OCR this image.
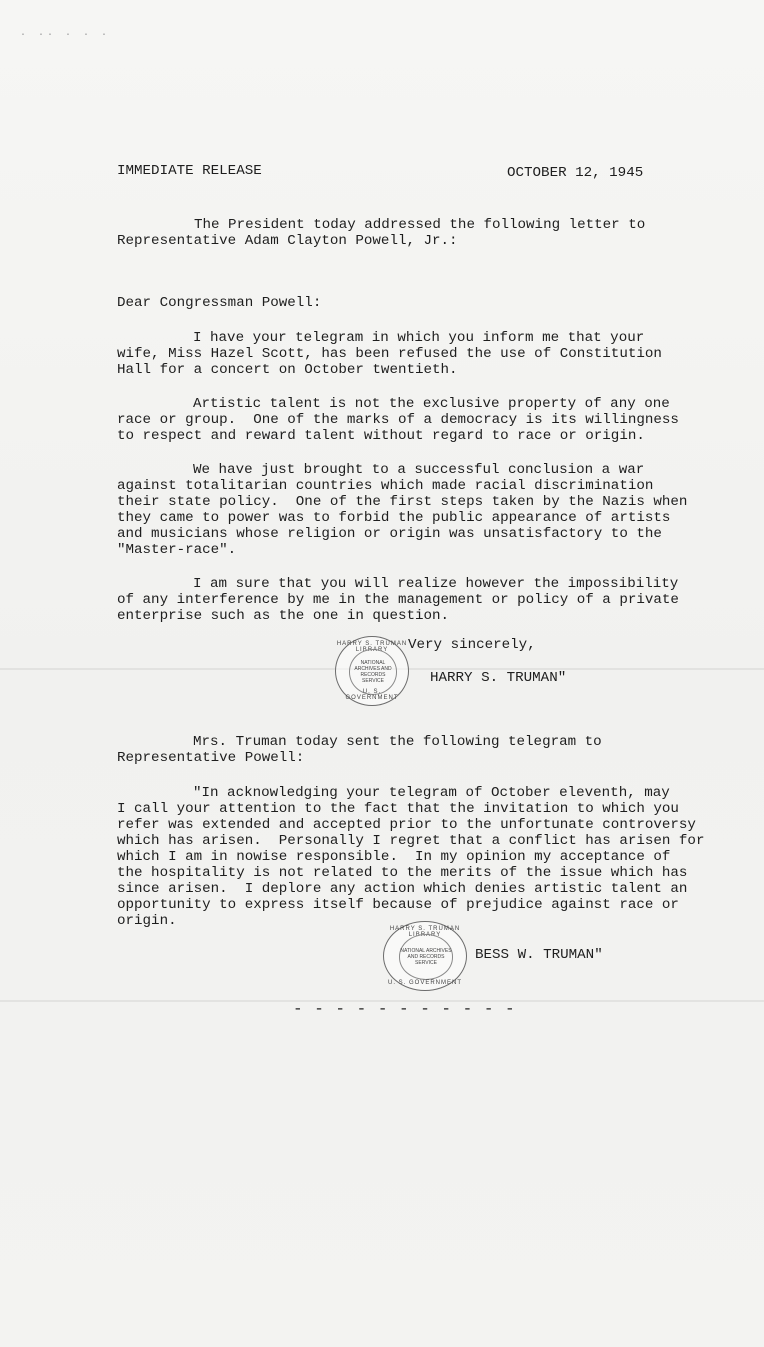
· ·· · · ·
IMMEDIATE RELEASE	OCTOBER 12, 1945
The President today addressed the following letter to
Representative Adam Clayton Powell, Jr.:
Dear Congressman Powell:
I have your telegram in which you inform me that your
wife, Miss Hazel Scott, has been refused the use of Constitution
Hall for a concert on October twentieth.
Artistic talent is not the exclusive property of any one
race or group.  One of the marks of a democracy is its willingness
to respect and reward talent without regard to race or origin.
We have just brought to a successful conclusion a war
against totalitarian countries which made racial discrimination
their state policy.  One of the first steps taken by the Nazis when
they came to power was to forbid the public appearance of artists
and musicians whose religion or origin was unsatisfactory to the
"Master-race".
I am sure that you will realize however the impossibility
of any interference by me in the management or policy of a private
enterprise such as the one in question.
Very sincerely,
HARRY S. TRUMAN LIBRARY
NATIONAL ARCHIVES AND RECORDS SERVICE
U. S. GOVERNMENT
HARRY S. TRUMAN"
Mrs. Truman today sent the following telegram to
Representative Powell:
"In acknowledging your telegram of October eleventh, may
I call your attention to the fact that the invitation to which you
refer was extended and accepted prior to the unfortunate controversy
which has arisen.  Personally I regret that a conflict has arisen for
which I am in nowise responsible.  In my opinion my acceptance of
the hospitality is not related to the merits of the issue which has
since arisen.  I deplore any action which denies artistic talent an
opportunity to express itself because of prejudice against race or
origin.	HARRY S. TRUMAN LIBRARY
NATIONAL ARCHIVES AND RECORDS SERVICE
U. S. GOVERNMENT
BESS W. TRUMAN"
- - - - - - - - - - -
